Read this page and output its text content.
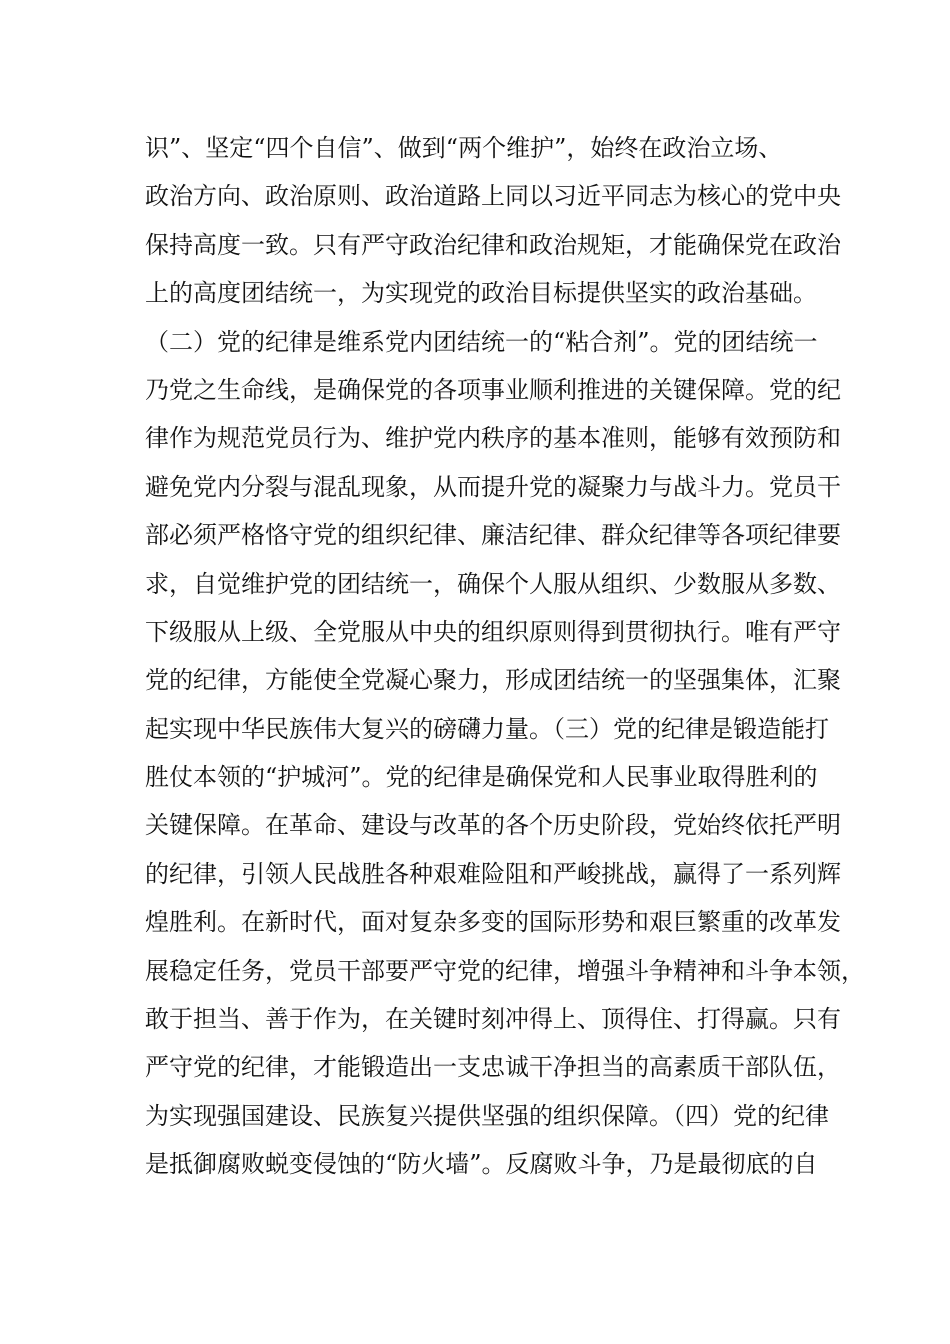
识”、坚定“四个自信”、做到“两个维护”，始终在政治立场、
政治方向、政治原则、政治道路上同以习近平同志为核心的党中央
保持高度一致。只有严守政治纪律和政治规矩，才能确保党在政治
上的高度团结统一，为实现党的政治目标提供坚实的政治基础。
（二）党的纪律是维系党内团结统一的“粘合剂”。党的团结统一
乃党之生命线，是确保党的各项事业顺利推进的关键保障。党的纪
律作为规范党员行为、维护党内秩序的基本准则，能够有效预防和
避免党内分裂与混乱现象，从而提升党的凝聚力与战斗力。党员干
部必须严格恪守党的组织纪律、廉洁纪律、群众纪律等各项纪律要
求，自觉维护党的团结统一，确保个人服从组织、少数服从多数、
下级服从上级、全党服从中央的组织原则得到贯彻执行。唯有严守
党的纪律，方能使全党凝心聚力，形成团结统一的坚强集体，汇聚
起实现中华民族伟大复兴的磅礴力量。（三）党的纪律是锻造能打
胜仗本领的“护城河”。党的纪律是确保党和人民事业取得胜利的
关键保障。在革命、建设与改革的各个历史阶段，党始终依托严明
的纪律，引领人民战胜各种艰难险阻和严峻挑战，赢得了一系列辉
煌胜利。在新时代，面对复杂多变的国际形势和艰巨繁重的改革发
展稳定任务，党员干部要严守党的纪律，增强斗争精神和斗争本领，
敢于担当、善于作为，在关键时刻冲得上、顶得住、打得赢。只有
严守党的纪律，才能锻造出一支忠诚干净担当的高素质干部队伍，
为实现强国建设、民族复兴提供坚强的组织保障。（四）党的纪律
是抵御腐败蜕变侵蚀的“防火墙”。反腐败斗争，乃是最彻底的自
